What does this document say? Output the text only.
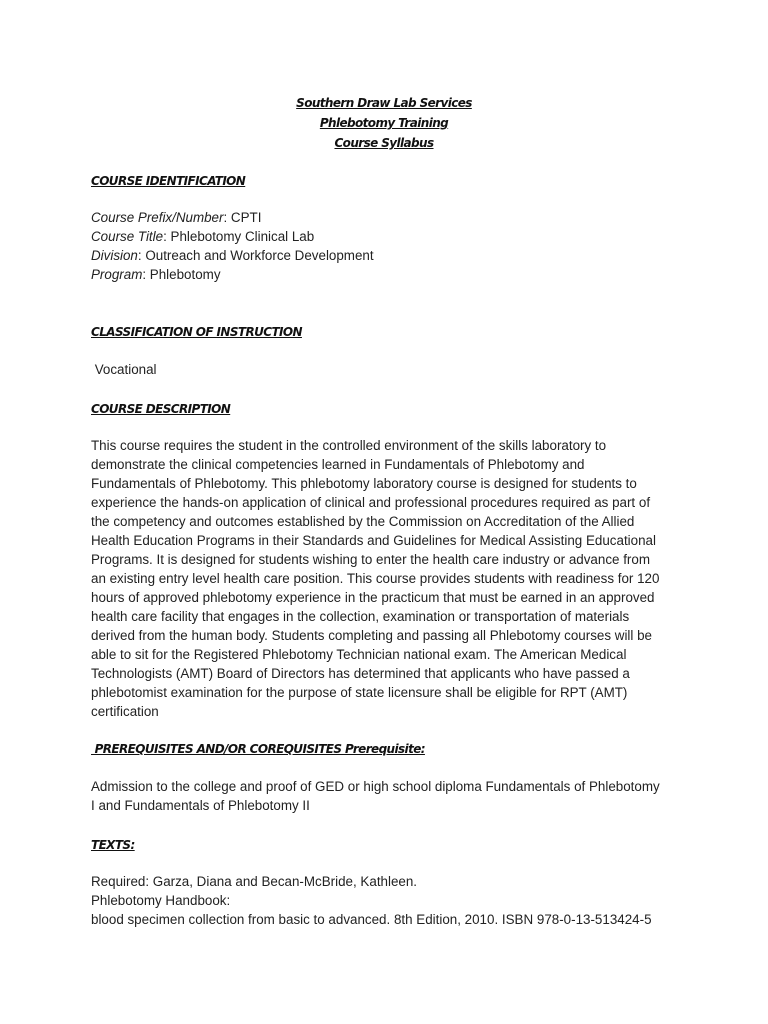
Southern Draw Lab Services
Phlebotomy Training
Course Syllabus
COURSE IDENTIFICATION
Course Prefix/Number: CPTI
Course Title: Phlebotomy Clinical Lab
Division: Outreach and Workforce Development
Program: Phlebotomy
CLASSIFICATION OF INSTRUCTION
Vocational
COURSE DESCRIPTION
This course requires the student in the controlled environment of the skills laboratory to
demonstrate the clinical competencies learned in Fundamentals of Phlebotomy and
Fundamentals of Phlebotomy. This phlebotomy laboratory course is designed for students to
experience the hands-on application of clinical and professional procedures required as part of
the competency and outcomes established by the Commission on Accreditation of the Allied
Health Education Programs in their Standards and Guidelines for Medical Assisting Educational
Programs. It is designed for students wishing to enter the health care industry or advance from
an existing entry level health care position. This course provides students with readiness for 120
hours of approved phlebotomy experience in the practicum that must be earned in an approved
health care facility that engages in the collection, examination or transportation of materials
derived from the human body. Students completing and passing all Phlebotomy courses will be
able to sit for the Registered Phlebotomy Technician national exam. The American Medical
Technologists (AMT) Board of Directors has determined that applicants who have passed a
phlebotomist examination for the purpose of state licensure shall be eligible for RPT (AMT)
certification
PREREQUISITES AND/OR COREQUISITES Prerequisite:
Admission to the college and proof of GED or high school diploma Fundamentals of Phlebotomy
I and Fundamentals of Phlebotomy II
TEXTS:
Required: Garza, Diana and Becan-McBride, Kathleen.
Phlebotomy Handbook:
blood specimen collection from basic to advanced. 8th Edition, 2010. ISBN 978-0-13-513424-5
